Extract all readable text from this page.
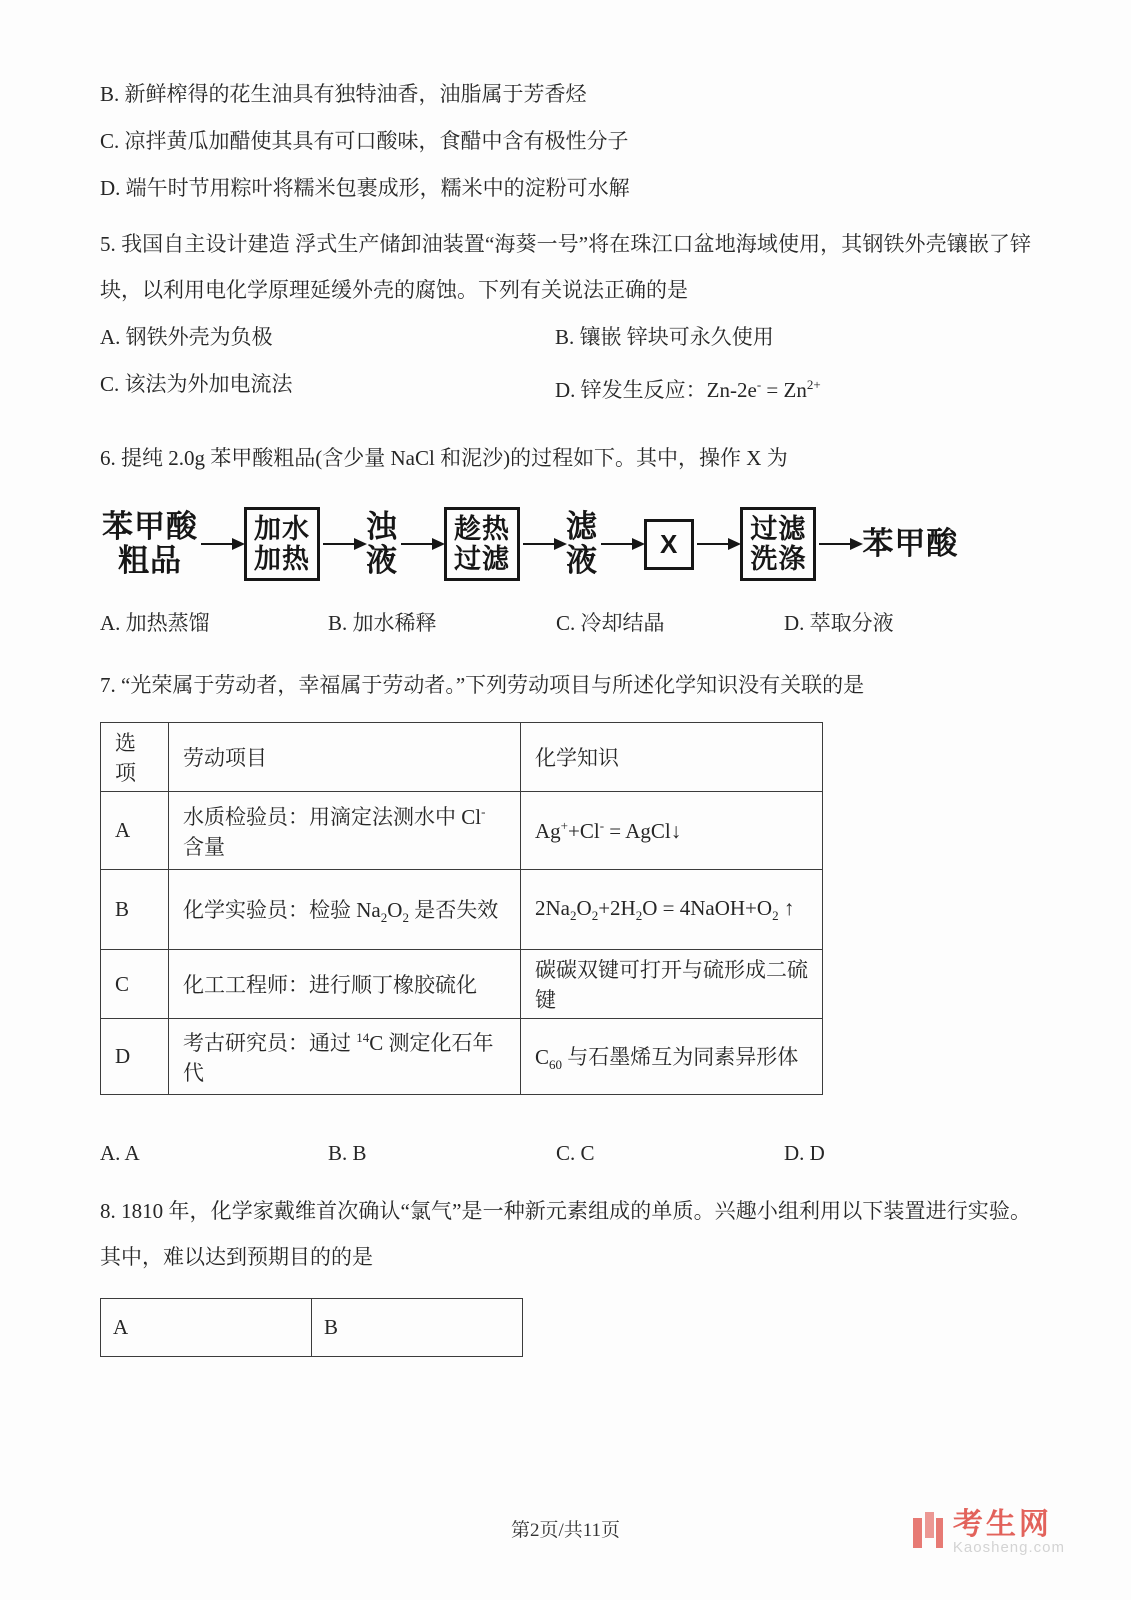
B. 新鲜榨得的花生油具有独特油香，油脂属于芳香烃

C. 凉拌黄瓜加醋使其具有可口酸味，食醋中含有极性分子

D. 端午时节用粽叶将糯米包裹成形，糯米中的淀粉可水解

5. 我国自主设计建造 浮式生产储卸油装置“海葵一号”将在珠江口盆地海域使用，其钢铁外壳镶嵌了锌块，以利用电化学原理延缓外壳的腐蚀。下列有关说法正确的是

A. 钢铁外壳为负极	B. 镶嵌 锌块可永久使用

C. 该法为外加电流法	D. 锌发生反应：$Zn-2e^- = Zn^{2+}$

6. 提纯 2.0g 苯甲酸粗品(含少量 NaCl 和泥沙)的过程如下。其中，操作 X 为

苯甲酸
粗品
加水
加热
浊
液
趁热
过滤
滤
液 X	过滤
洗涤 苯甲酸

A. 加热蒸馏	B. 加水稀释	C. 冷却结晶	D. 萃取分液

7. “光荣属于劳动者，幸福属于劳动者。”下列劳动项目与所述化学知识没有关联的是

选项	劳动项目	化学知识
A	水质检验员：用滴定法测水中 Cl- 含量	Ag++Cl- = AgCl↓
B	化学实验员：检验 $Na_2O_2$ 是否失效	$2Na_2O_2+2H_2O$ = $4NaOH+O_2$ ↑
C	化工工程师：进行顺丁橡胶硫化	碳碳双键可打开与硫形成二硫键
D	考古研究员：通过 $^{14}$C 测定化石年代	$C_{60}$ 与石墨烯互为同素异形体

A. A	B. B	C. C	D. D

8. 1810 年，化学家戴维首次确认“氯气”是一种新元素组成的单质。兴趣小组利用以下装置进行实验。其中，难以达到预期目的的是

A	B
第2页/共11页	考生网
Kaosheng.com
